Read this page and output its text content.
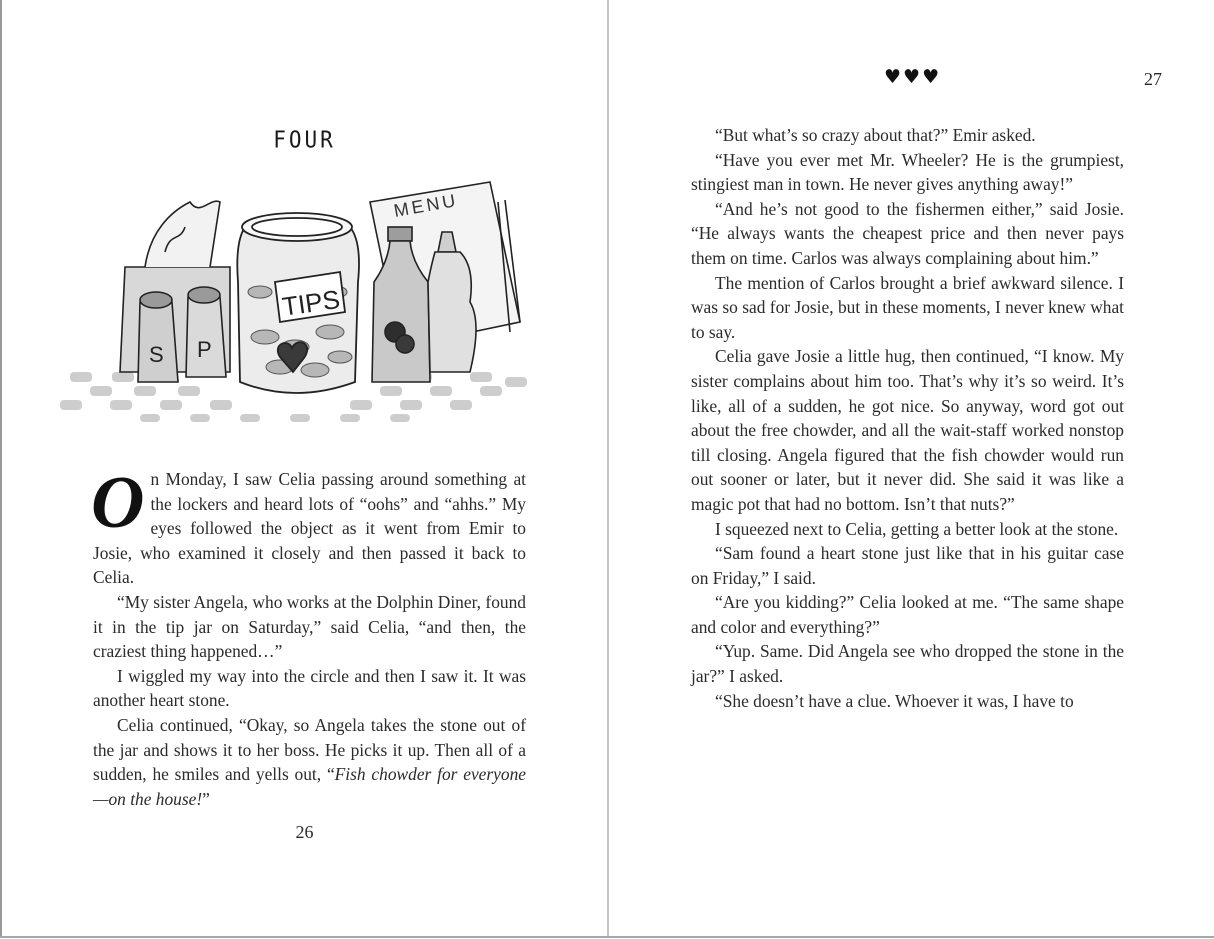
FOUR
S P
MENU
TIPS

On Monday, I saw Celia passing around something at the lockers and heard lots of “oohs” and “ahhs.” My eyes followed the object as it went from Emir to Josie, who examined it closely and then passed it back to Celia.

“My sister Angela, who works at the Dolphin Diner, found it in the tip jar on Saturday,” said Celia, “and then, the craziest thing happened…”

I wiggled my way into the circle and then I saw it. It was another heart stone.

Celia continued, “Okay, so Angela takes the stone out of the jar and shows it to her boss. He picks it up. Then all of a sudden, he smiles and yells out, “Fish chowder for everyone—on the house!”

26
♥♥♥	27

“But what’s so crazy about that?” Emir asked.

“Have you ever met Mr. Wheeler? He is the grumpiest, stingiest man in town. He never gives anything away!”

“And he’s not good to the fishermen either,” said Josie. “He always wants the cheapest price and then never pays them on time. Carlos was always complaining about him.”

The mention of Carlos brought a brief awkward silence. I was so sad for Josie, but in these moments, I never knew what to say.

Celia gave Josie a little hug, then continued, “I know. My sister complains about him too. That’s why it’s so weird. It’s like, all of a sudden, he got nice. So anyway, word got out about the free chowder, and all the wait-staff worked nonstop till closing. Angela figured that the fish chowder would run out sooner or later, but it never did. She said it was like a magic pot that had no bottom. Isn’t that nuts?”

I squeezed next to Celia, getting a better look at the stone.

“Sam found a heart stone just like that in his guitar case on Friday,” I said.

“Are you kidding?” Celia looked at me. “The same shape and color and everything?”

“Yup. Same. Did Angela see who dropped the stone in the jar?” I asked.

“She doesn’t have a clue. Whoever it was, I have to
